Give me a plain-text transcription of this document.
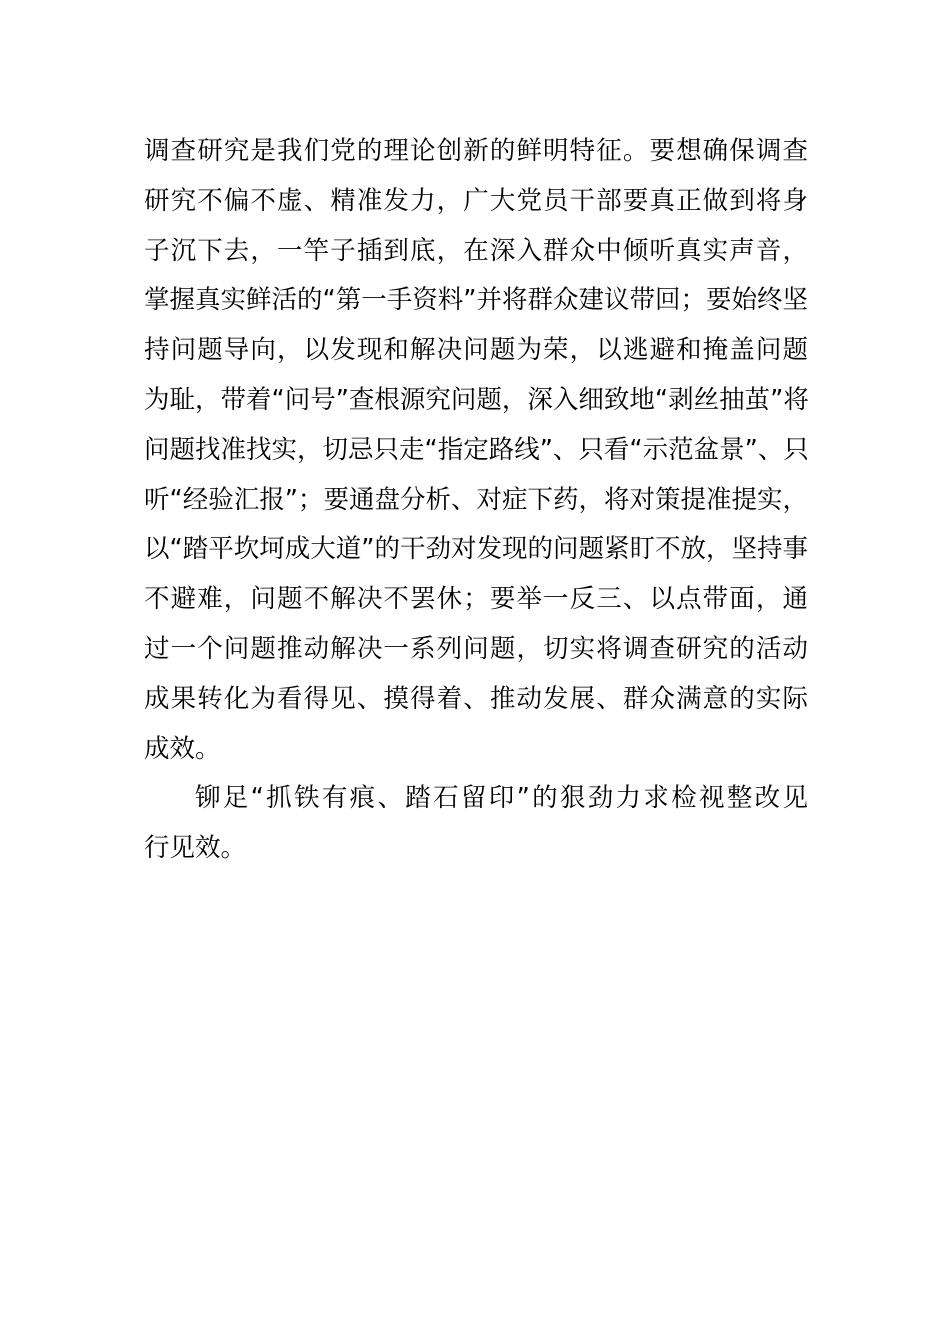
调查研究是我们党的理论创新的鲜明特征。要想确保调查
研究不偏不虚、精准发力，广大党员干部要真正做到将身
子沉下去，一竿子插到底，在深入群众中倾听真实声音，
掌握真实鲜活的“第一手资料”并将群众建议带回；要始终坚
持问题导向，以发现和解决问题为荣，以逃避和掩盖问题
为耻，带着“问号”查根源究问题，深入细致地“剥丝抽茧”将
问题找准找实，切忌只走“指定路线”、只看“示范盆景”、只
听“经验汇报”；要通盘分析、对症下药，将对策提准提实，
以“踏平坎坷成大道”的干劲对发现的问题紧盯不放，坚持事
不避难，问题不解决不罢休；要举一反三、以点带面，通
过一个问题推动解决一系列问题，切实将调查研究的活动
成果转化为看得见、摸得着、推动发展、群众满意的实际
成效。
铆足“抓铁有痕、踏石留印”的狠劲力求检视整改见
行见效。
